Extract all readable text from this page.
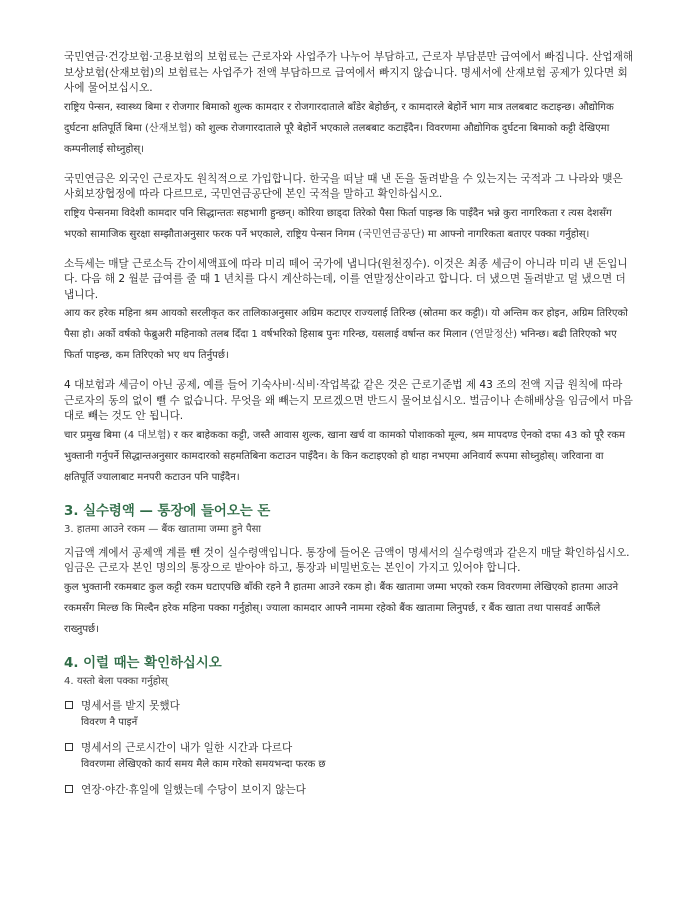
국민연금·건강보험·고용보험의 보험료는 근로자와 사업주가 나누어 부담하고, 근로자 부담분만 급여에서 빠집니다. 산업재해보상보험(산재보험)의 보험료는 사업주가 전액 부담하므로 급여에서 빠지지 않습니다. 명세서에 산재보험 공제가 있다면 회사에 물어보십시오.

राष्ट्रिय पेन्सन, स्वास्थ्य बिमा र रोजगार बिमाको शुल्क कामदार र रोजगारदाताले बाँडेर बेहोर्छन्, र कामदारले बेहोर्ने भाग मात्र तलबबाट कटाइन्छ। औद्योगिक दुर्घटना क्षतिपूर्ति बिमा (산재보험) को शुल्क रोजगारदाताले पूरै बेहोर्ने भएकाले तलबबाट कटाइँदैन। विवरणमा औद्योगिक दुर्घटना बिमाको कट्टी देखिएमा कम्पनीलाई सोध्नुहोस्।

국민연금은 외국인 근로자도 원칙적으로 가입합니다. 한국을 떠날 때 낸 돈을 돌려받을 수 있는지는 국적과 그 나라와 맺은 사회보장협정에 따라 다르므로, 국민연금공단에 본인 국적을 말하고 확인하십시오.

राष्ट्रिय पेन्सनमा विदेशी कामदार पनि सिद्धान्ततः सहभागी हुन्छन्। कोरिया छाड्दा तिरेको पैसा फिर्ता पाइन्छ कि पाइँदैन भन्ने कुरा नागरिकता र त्यस देशसँग भएको सामाजिक सुरक्षा सम्झौताअनुसार फरक पर्ने भएकाले, राष्ट्रिय पेन्सन निगम (국민연금공단) मा आफ्नो नागरिकता बताएर पक्का गर्नुहोस्।

소득세는 매달 근로소득 간이세액표에 따라 미리 떼어 국가에 냅니다(원천징수). 이것은 최종 세금이 아니라 미리 낸 돈입니다. 다음 해 2 월분 급여를 줄 때 1 년치를 다시 계산하는데, 이를 연말정산이라고 합니다. 더 냈으면 돌려받고 덜 냈으면 더 냅니다.

आय कर हरेक महिना श्रम आयको सरलीकृत कर तालिकाअनुसार अग्रिम कटाएर राज्यलाई तिरिन्छ (स्रोतमा कर कट्टी)। यो अन्तिम कर होइन, अग्रिम तिरिएको पैसा हो। अर्को वर्षको फेब्रुअरी महिनाको तलब दिँदा 1 वर्षभरिको हिसाब पुनः गरिन्छ, यसलाई वर्षान्त कर मिलान (연말정산) भनिन्छ। बढी तिरिएको भए फिर्ता पाइन्छ, कम तिरिएको भए थप तिर्नुपर्छ।

4 대보험과 세금이 아닌 공제, 예를 들어 기숙사비·식비·작업복값 같은 것은 근로기준법 제 43 조의 전액 지급 원칙에 따라 근로자의 동의 없이 뺄 수 없습니다. 무엇을 왜 빼는지 모르겠으면 반드시 물어보십시오. 벌금이나 손해배상을 임금에서 마음대로 빼는 것도 안 됩니다.

चार प्रमुख बिमा (4 대보험) र कर बाहेकका कट्टी, जस्तै आवास शुल्क, खाना खर्च वा कामको पोशाकको मूल्य, श्रम मापदण्ड ऐनको दफा 43 को पूरै रकम भुक्तानी गर्नुपर्ने सिद्धान्तअनुसार कामदारको सहमतिबिना कटाउन पाइँदैन। के किन कटाइएको हो थाहा नभएमा अनिवार्य रूपमा सोध्नुहोस्। जरिवाना वा क्षतिपूर्ति ज्यालाबाट मनपरी कटाउन पनि पाइँदैन।

3. 실수령액 — 통장에 들어오는 돈
3. हातमा आउने रकम — बैंक खातामा जम्मा हुने पैसा

지급액 계에서 공제액 계를 뺀 것이 실수령액입니다. 통장에 들어온 금액이 명세서의 실수령액과 같은지 매달 확인하십시오. 임금은 근로자 본인 명의의 통장으로 받아야 하고, 통장과 비밀번호는 본인이 가지고 있어야 합니다.

कुल भुक्तानी रकमबाट कुल कट्टी रकम घटाएपछि बाँकी रहने नै हातमा आउने रकम हो। बैंक खातामा जम्मा भएको रकम विवरणमा लेखिएको हातमा आउने रकमसँग मिल्छ कि मिल्दैन हरेक महिना पक्का गर्नुहोस्। ज्याला कामदार आफ्नै नाममा रहेको बैंक खातामा लिनुपर्छ, र बैंक खाता तथा पासवर्ड आफैँले राख्नुपर्छ।

4. 이럴 때는 확인하십시오
4. यस्तो बेला पक्का गर्नुहोस्
명세서를 받지 못했다
विवरण नै पाइनँ
명세서의 근로시간이 내가 일한 시간과 다르다
विवरणमा लेखिएको कार्य समय मैले काम गरेको समयभन्दा फरक छ
연장·야간·휴일에 일했는데 수당이 보이지 않는다
